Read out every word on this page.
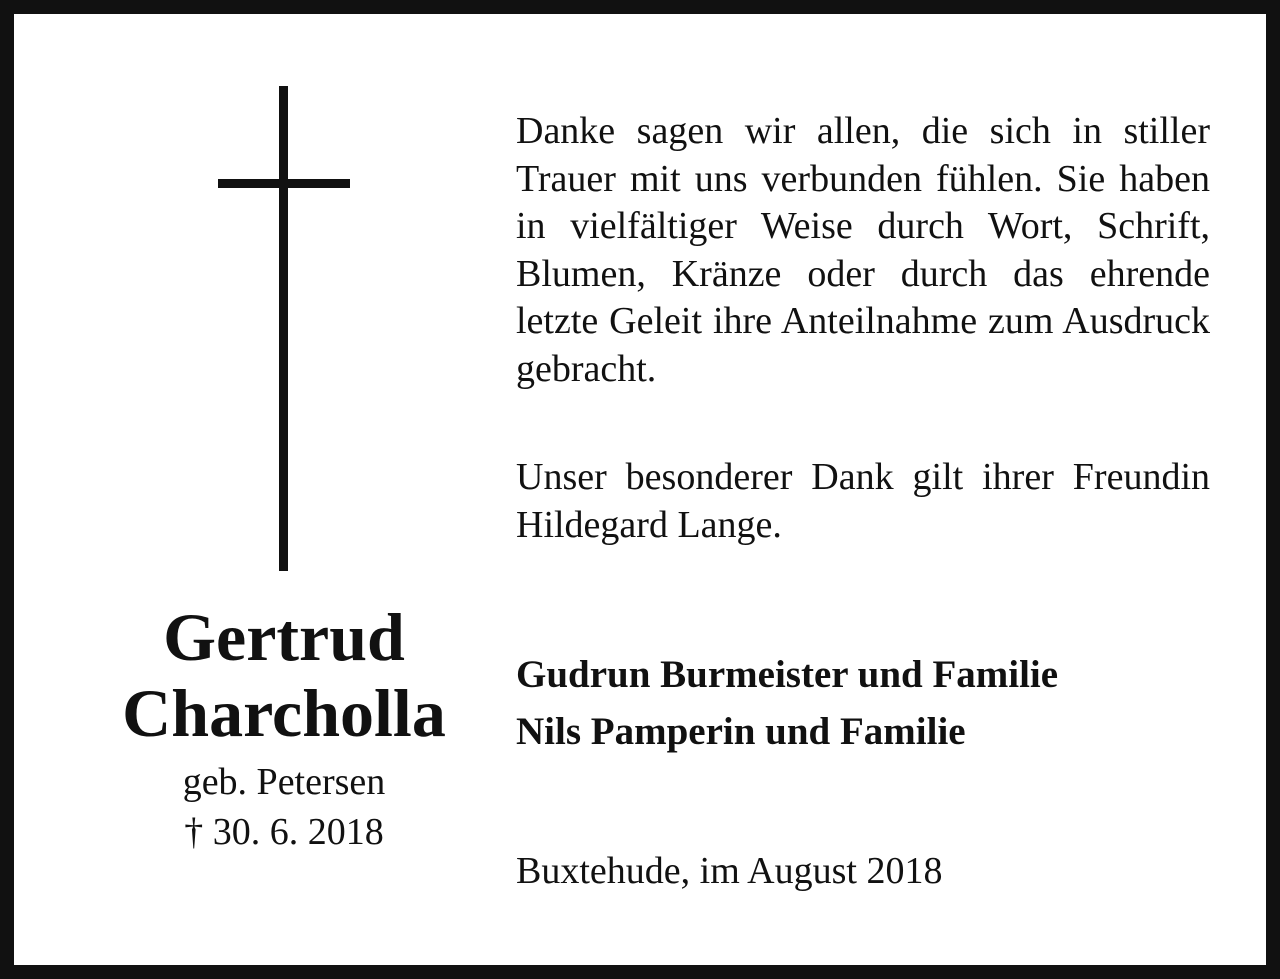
Gertrud
Charcholla
geb. Petersen
† 30. 6. 2018

Danke sagen wir allen, die sich in stiller Trauer mit uns verbunden fühlen. Sie haben in vielfältiger Weise durch Wort, Schrift, Blumen, Kränze oder durch das ehrende letzte Geleit ihre Anteilnahme zum Ausdruck gebracht.

Unser besonderer Dank gilt ihrer Freundin Hildegard Lange.

Gudrun Burmeister und Familie
Nils Pamperin und Familie
Buxtehude, im August 2018
